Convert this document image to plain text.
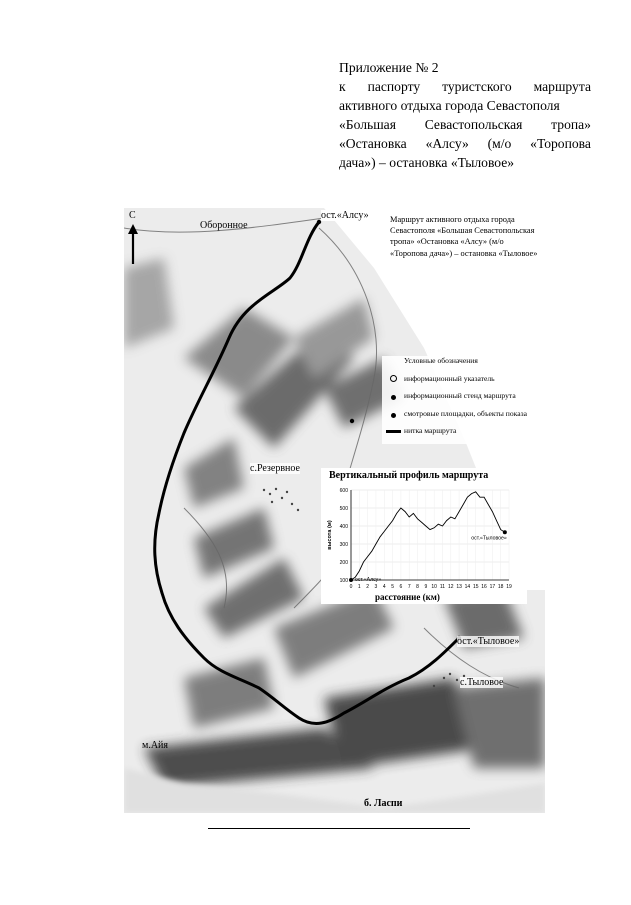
Приложение № 2
к паспорту туристского маршрута
активного отдыха города Севастополя
«Большая Севастопольская тропа»
«Остановка «Алсу» (м/о «Торопова
дача») – остановка «Тыловое»
С
Оборонное
ост.«Алсу»
с.Резервное
ост.«Тыловое»
с.Тыловое
м.Айя
б. Ласпи
Маршрут активного отдыха города Севастополя «Большая Севастопольская тропа» «Остановка «Алсу» (м/о «Торопова дача») – остановка «Тыловое»
Условные обозначения
информационный указатель
информационный стенд маршрута
смотровые площадки, объекты показа
нитка маршрута
Вертикальный профиль маршрута
100
200
300
400
500
600
0 1 2 3 4 5 6 7 8 9 10 11 12 13 14 15 16 17 18 19
высота (м)
ост.«Алсу»
ост.«Тыловое»
расстояние (км)
